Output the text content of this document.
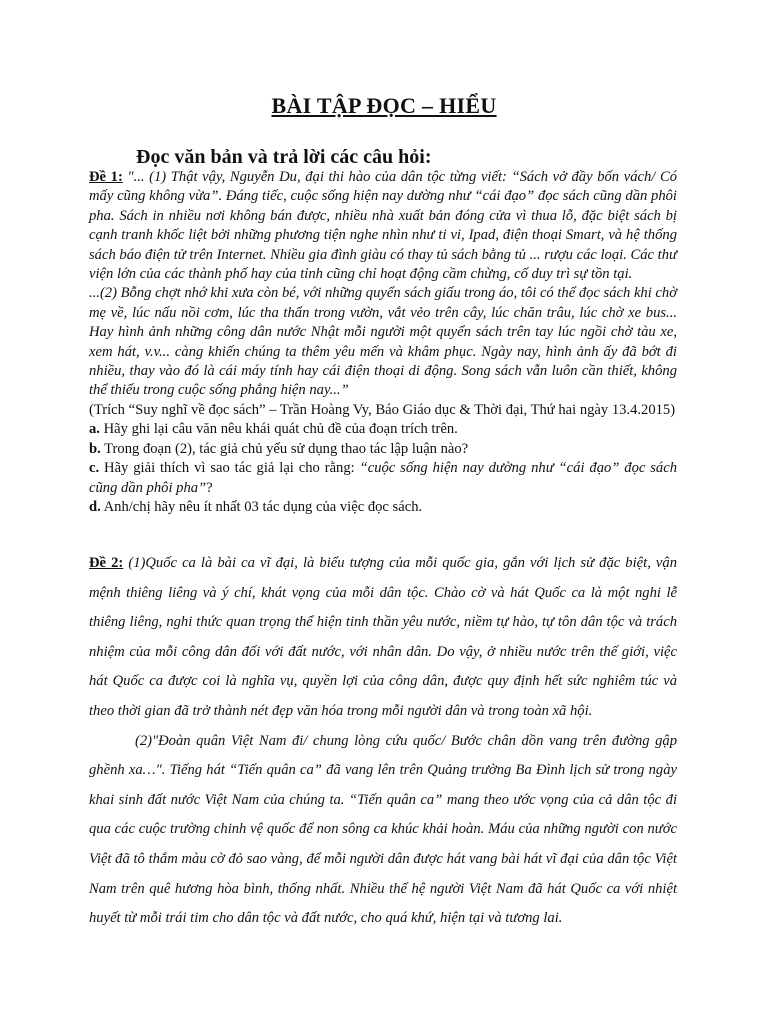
BÀI TẬP ĐỌC – HIỂU
Đọc văn bản và trả lời các câu hỏi:

Đề 1: "... (1) Thật vậy, Nguyễn Du, đại thi hào của dân tộc từng viết: “Sách vở đầy bốn vách/ Có mấy cũng không vừa”. Đáng tiếc, cuộc sống hiện nay dường như “cái đạo” đọc sách cũng dần phôi pha. Sách in nhiều nơi không bán được, nhiều nhà xuất bản đóng cửa vì thua lỗ, đặc biệt sách bị cạnh tranh khốc liệt bởi những phương tiện nghe nhìn như ti vi, Ipad, điện thoại Smart, và hệ thống sách báo điện tử trên Internet. Nhiều gia đình giàu có thay tủ sách bằng tủ ... rượu các loại. Các thư viện lớn của các thành phố hay của tỉnh cũng chỉ hoạt động cầm chừng, cố duy trì sự tồn tại.

...(2) Bỗng chợt nhớ khi xưa còn bé, với những quyển sách giấu trong áo, tôi có thể đọc sách khi chờ mẹ về, lúc nấu nồi cơm, lúc tha thẩn trong vườn, vắt vẻo trên cây, lúc chăn trâu, lúc chờ xe bus... Hay hình ảnh những công dân nước Nhật mỗi người một quyển sách trên tay lúc ngồi chờ tàu xe, xem hát, v.v... càng khiến chúng ta thêm yêu mến và khâm phục. Ngày nay, hình ảnh ấy đã bớt đi nhiều, thay vào đó là cái máy tính hay cái điện thoại di động. Song sách vẫn luôn cần thiết, không thể thiếu trong cuộc sống phẳng hiện nay...”

(Trích “Suy nghĩ về đọc sách” – Trần Hoàng Vy, Báo Giáo dục & Thời đại, Thứ hai ngày 13.4.2015)

a. Hãy ghi lại câu văn nêu khái quát chủ đề của đoạn trích trên.

b. Trong đoạn (2), tác giả chủ yếu sử dụng thao tác lập luận nào?

c. Hãy giải thích vì sao tác giả lại cho rằng: “cuộc sống hiện nay dường như “cái đạo” đọc sách cũng dần phôi pha”?

d. Anh/chị hãy nêu ít nhất 03 tác dụng của việc đọc sách.

Đề 2: (1)Quốc ca là bài ca vĩ đại, là biểu tượng của mỗi quốc gia, gắn với lịch sử đặc biệt, vận mệnh thiêng liêng và ý chí, khát vọng của mỗi dân tộc. Chào cờ và hát Quốc ca là một nghi lễ thiêng liêng, nghi thức quan trọng thể hiện tinh thần yêu nước, niềm tự hào, tự tôn dân tộc và trách nhiệm của mỗi công dân đối với đất nước, với nhân dân. Do vậy, ở nhiều nước trên thế giới, việc hát Quốc ca được coi là nghĩa vụ, quyền lợi của công dân, được quy định hết sức nghiêm túc và theo thời gian đã trở thành nét đẹp văn hóa trong mỗi người dân và trong toàn xã hội.

(2)"Đoàn quân Việt Nam đi/ chung lòng cứu quốc/ Bước chân dồn vang trên đường gập ghềnh xa…". Tiếng hát “Tiến quân ca” đã vang lên trên Quảng trường Ba Đình lịch sử trong ngày khai sinh đất nước Việt Nam của chúng ta. “Tiến quân ca” mang theo ước vọng của cả dân tộc đi qua các cuộc trường chinh vệ quốc để non sông ca khúc khải hoàn. Máu của những người con nước Việt đã tô thắm màu cờ đỏ sao vàng, để mỗi người dân được hát vang bài hát vĩ đại của dân tộc Việt Nam trên quê hương hòa bình, thống nhất. Nhiều thế hệ người Việt Nam đã hát Quốc ca với nhiệt huyết từ mỗi trái tim cho dân tộc và đất nước, cho quá khứ, hiện tại và tương lai.
